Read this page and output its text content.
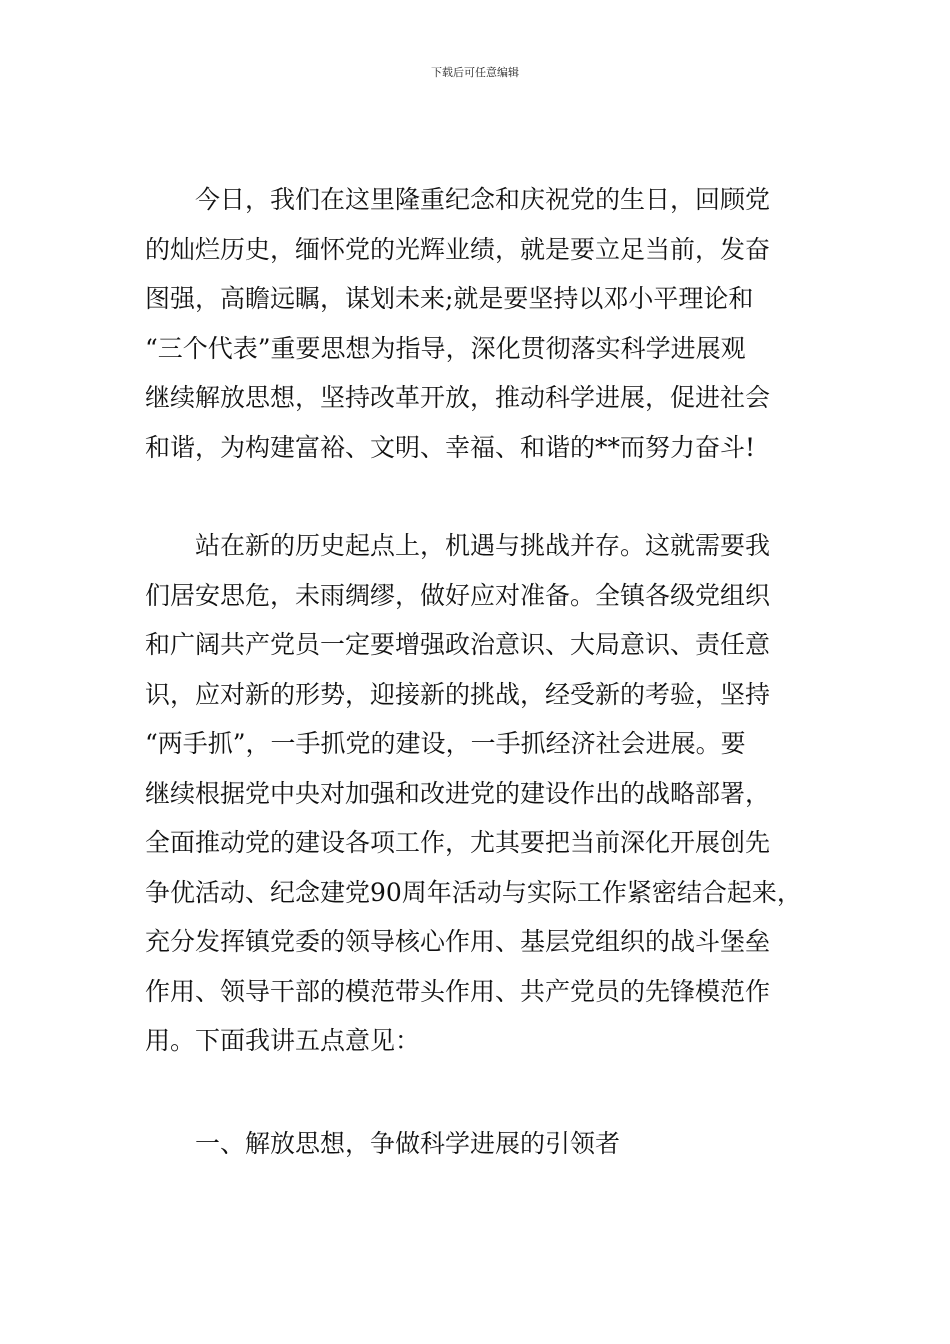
下载后可任意编辑
　　今日，我们在这里隆重纪念和庆祝党的生日，回顾党
的灿烂历史，缅怀党的光辉业绩，就是要立足当前，发奋
图强，高瞻远瞩，谋划未来;就是要坚持以邓小平理论和
“三个代表”重要思想为指导，深化贯彻落实科学进展观
继续解放思想，坚持改革开放，推动科学进展，促进社会
和谐，为构建富裕、文明、幸福、和谐的**而努力奋斗!
　　站在新的历史起点上，机遇与挑战并存。这就需要我
们居安思危，未雨绸缪，做好应对准备。全镇各级党组织
和广阔共产党员一定要增强政治意识、大局意识、责任意
识，应对新的形势，迎接新的挑战，经受新的考验，坚持
“两手抓”，一手抓党的建设，一手抓经济社会进展。要
继续根据党中央对加强和改进党的建设作出的战略部署，
全面推动党的建设各项工作，尤其要把当前深化开展创先
争优活动、纪念建党90周年活动与实际工作紧密结合起来，
充分发挥镇党委的领导核心作用、基层党组织的战斗堡垒
作用、领导干部的模范带头作用、共产党员的先锋模范作
用。下面我讲五点意见：
一、解放思想，争做科学进展的引领者
